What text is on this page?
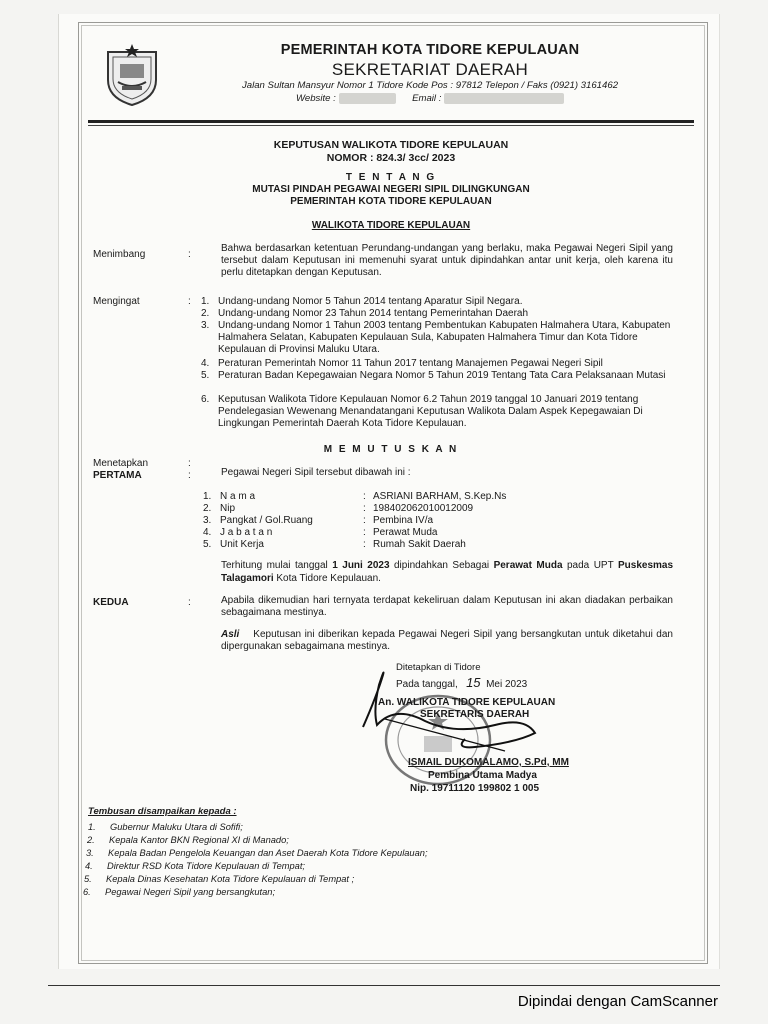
PEMERINTAH KOTA TIDORE KEPULAUAN
SEKRETARIAT DAERAH
Jalan Sultan Mansyur Nomor 1 Tidore Kode Pos : 97812 Telepon / Faks (0921) 3161462
Website :	Email :
KEPUTUSAN WALIKOTA TIDORE KEPULAUAN
NOMOR : 824.3/ 3cc/ 2023
T E N T A N G
MUTASI PINDAH PEGAWAI NEGERI SIPIL DILINGKUNGAN
PEMERINTAH KOTA TIDORE KEPULAUAN
WALIKOTA TIDORE KEPULAUAN
Menimbang	:
Bahwa berdasarkan ketentuan Perundang-undangan yang berlaku, maka Pegawai Negeri Sipil yang tersebut dalam Keputusan ini memenuhi syarat untuk dipindahkan antar unit kerja, oleh karena itu perlu ditetapkan dengan Keputusan.
Mengingat	: 1. Undang-undang Nomor 5 Tahun 2014 tentang Aparatur Sipil Negara.
2. Undang-undang Nomor 23 Tahun 2014 tentang Pemerintahan Daerah
3. Undang-undang Nomor 1 Tahun 2003 tentang Pembentukan Kabupaten Halmahera Utara, Kabupaten Halmahera Selatan, Kabupaten Kepulauan Sula, Kabupaten Halmahera Timur dan Kota Tidore Kepulauan di Provinsi Maluku Utara.
4. Peraturan Pemerintah Nomor 11 Tahun 2017 tentang Manajemen Pegawai Negeri Sipil
5. Peraturan Badan Kepegawaian Negara Nomor 5 Tahun 2019 Tentang Tata Cara Pelaksanaan Mutasi
6. Keputusan Walikota Tidore Kepulauan Nomor 6.2 Tahun 2019 tanggal 10 Januari 2019 tentang Pendelegasian Wewenang Menandatangani Keputusan Walikota Dalam Aspek Kepegawaian Di Lingkungan Pemerintah Daerah Kota Tidore Kepulauan.
M E M U T U S K A N
Menetapkan	:
PERTAMA	:	Pegawai Negeri Sipil tersebut dibawah ini :
1. N a m a	: ASRIANI BARHAM, S.Kep.Ns
2. Nip	: 198402062010012009
3. Pangkat / Gol.Ruang	: Pembina IV/a
4. J a b a t a n	: Perawat Muda
5. Unit Kerja	: Rumah Sakit Daerah
Terhitung mulai tanggal 1 Juni 2023 dipindahkan Sebagai Perawat Muda pada UPT Puskesmas Talagamori Kota Tidore Kepulauan.
KEDUA	:	Apabila dikemudian hari ternyata terdapat kekeliruan dalam Keputusan ini akan diadakan perbaikan sebagaimana mestinya.
Asli Keputusan ini diberikan kepada Pegawai Negeri Sipil yang bersangkutan untuk diketahui dan dipergunakan sebagaimana mestinya.
Ditetapkan di Tidore
Pada tanggal, 15 Mei 2023
An. WALIKOTA TIDORE KEPULAUAN
SEKRETARIS DAERAH
ISMAIL DUKOMALAMO, S.Pd, MM
Pembina Utama Madya
Nip. 19711120 199802 1 005
Tembusan disampaikan kepada :
1. Gubernur Maluku Utara di Sofifi;
2. Kepala Kantor BKN Regional XI di Manado;
3. Kepala Badan Pengelola Keuangan dan Aset Daerah Kota Tidore Kepulauan;
4. Direktur RSD Kota Tidore Kepulauan di Tempat;
5. Kepala Dinas Kesehatan Kota Tidore Kepulauan di Tempat ;
6. Pegawai Negeri Sipil yang bersangkutan;
Dipindai dengan CamScanner
